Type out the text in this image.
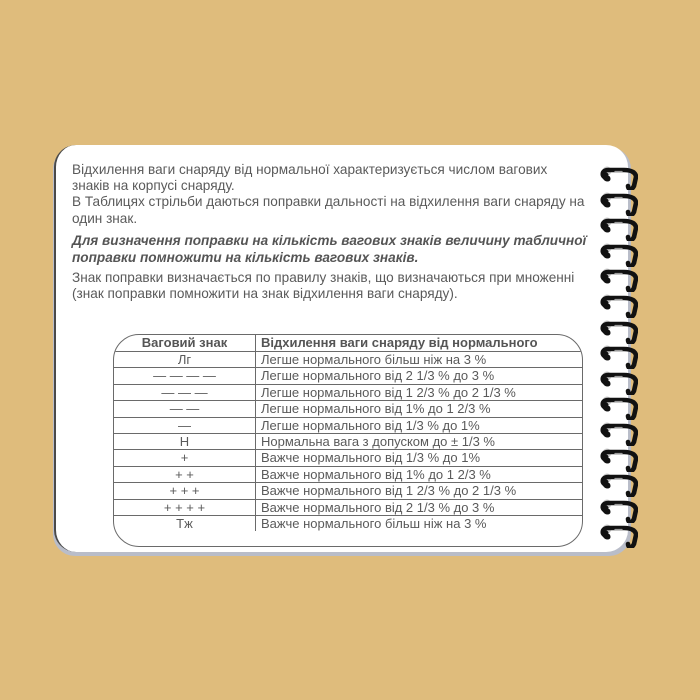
Відхилення ваги снаряду від нормальної характеризується числом вагових знаків на корпусі снаряду.

В Таблицях стрільби даються поправки дальності на відхилення ваги снаряду на один знак.

Для визначення поправки на кількість вагових знаків величину табличної поправки помножити на кількість вагових знаків.

Знак поправки визначається по правилу знаків, що визначаються при множенні (знак поправки помножити на знак відхилення ваги снаряду).

Ваговий знак	Відхилення ваги снаряду від нормального
Лг	Легше нормального більш ніж на 3 %
— — — —	Легше нормального від 2 1/3 % до 3 %
— — —	Легше нормального від 1 2/3 % до 2 1/3 %
— —	Легше нормального від 1% до 1 2/3 %
—	Легше нормального від 1/3 % до 1%
Н	Нормальна вага з допуском до ± 1/3 %
+	Важче нормального від 1/3 % до 1%
+ +	Важче нормального від 1% до 1 2/3 %
+ + +	Важче нормального від 1 2/3 % до 2 1/3 %
+ + + +	Важче нормального від 2 1/3 % до 3 %
Тж	Важче нормального більш ніж на 3 %
